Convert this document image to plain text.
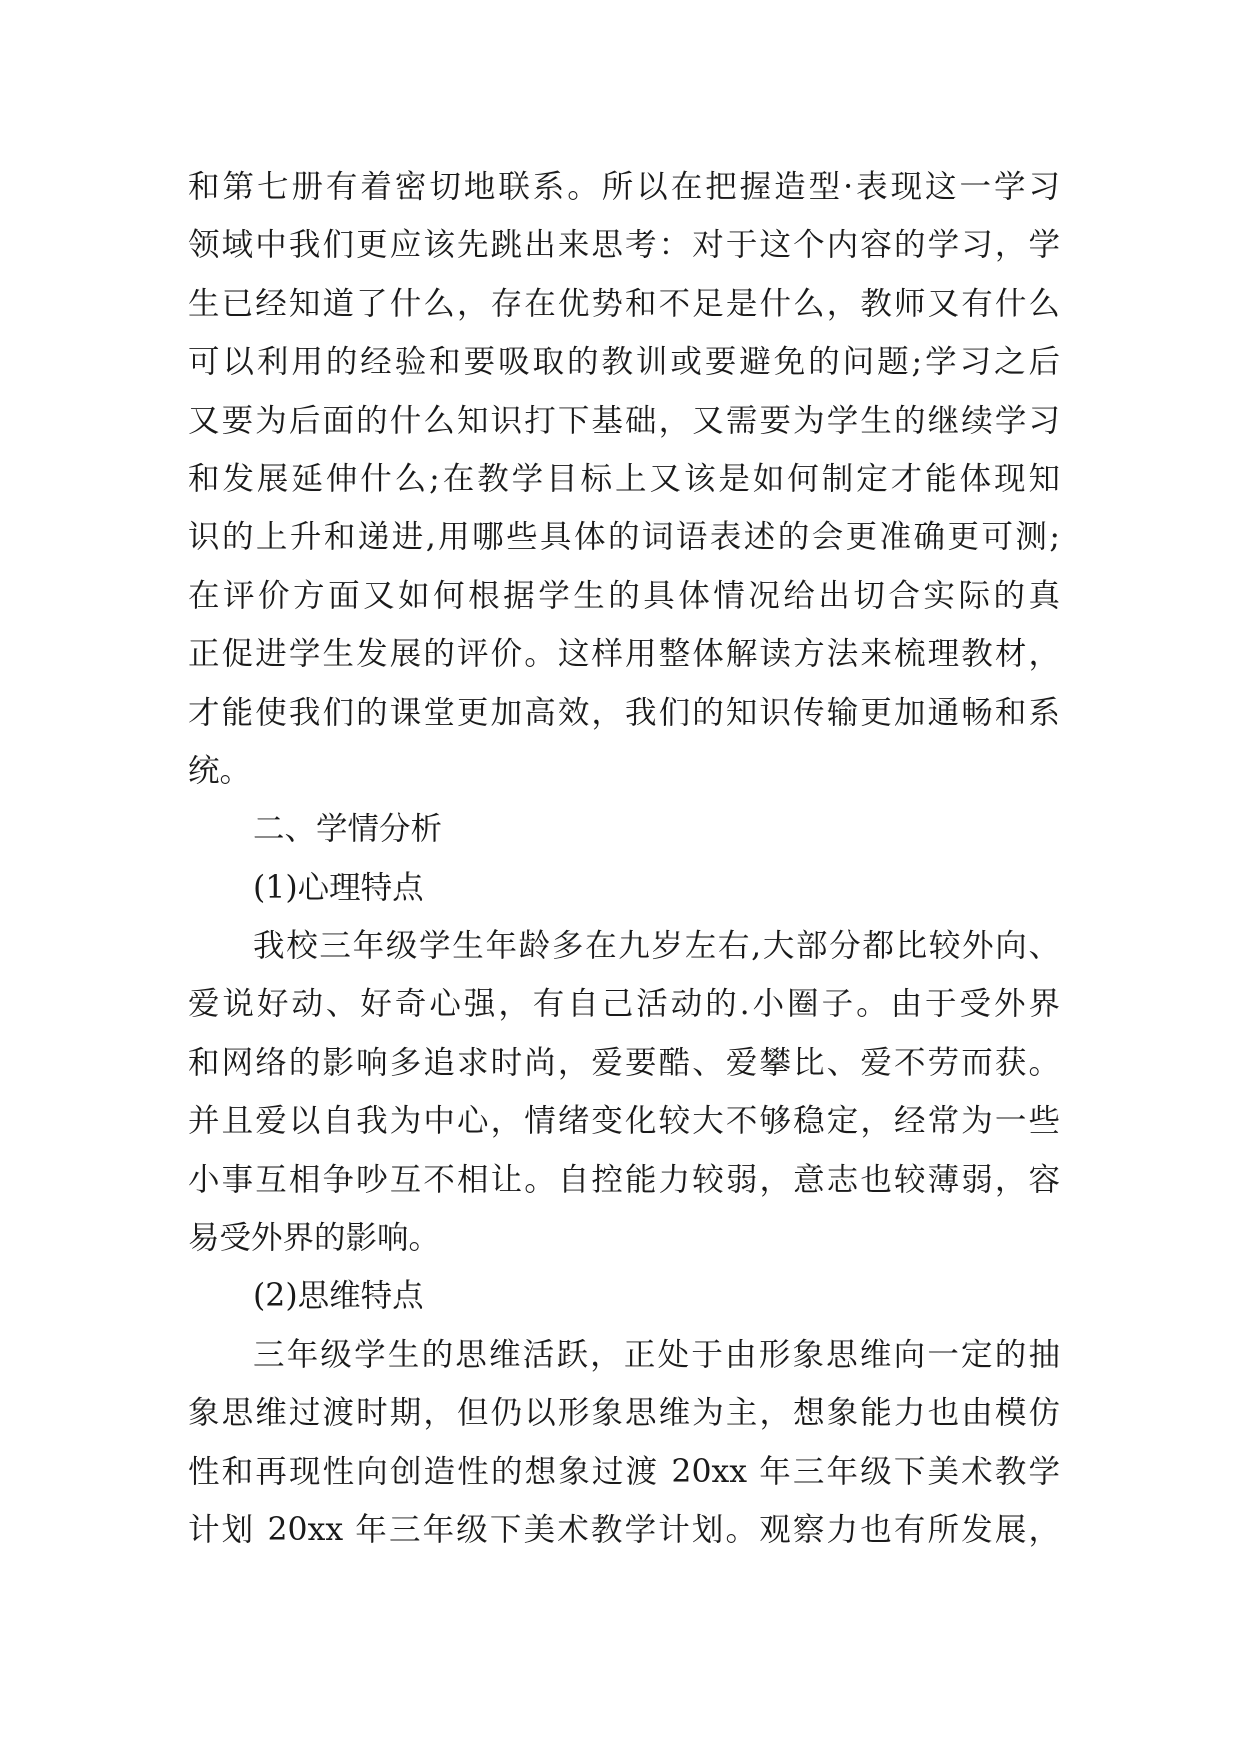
和第七册有着密切地联系。所以在把握造型·表现这一学习
领域中我们更应该先跳出来思考：对于这个内容的学习，学
生已经知道了什么，存在优势和不足是什么，教师又有什么
可以利用的经验和要吸取的教训或要避免的问题;学习之后
又要为后面的什么知识打下基础，又需要为学生的继续学习
和发展延伸什么;在教学目标上又该是如何制定才能体现知
识的上升和递进,用哪些具体的词语表述的会更准确更可测;
在评价方面又如何根据学生的具体情况给出切合实际的真
正促进学生发展的评价。这样用整体解读方法来梳理教材，
才能使我们的课堂更加高效，我们的知识传输更加通畅和系
统。
二、学情分析
(1)心理特点
我校三年级学生年龄多在九岁左右,大部分都比较外向、
爱说好动、好奇心强，有自己活动的.小圈子。由于受外界
和网络的影响多追求时尚，爱要酷、爱攀比、爱不劳而获。
并且爱以自我为中心，情绪变化较大不够稳定，经常为一些
小事互相争吵互不相让。自控能力较弱，意志也较薄弱，容
易受外界的影响。
(2)思维特点
三年级学生的思维活跃，正处于由形象思维向一定的抽
象思维过渡时期，但仍以形象思维为主，想象能力也由模仿
性和再现性向创造性的想象过渡 20xx 年三年级下美术教学
计划 20xx 年三年级下美术教学计划。观察力也有所发展，
